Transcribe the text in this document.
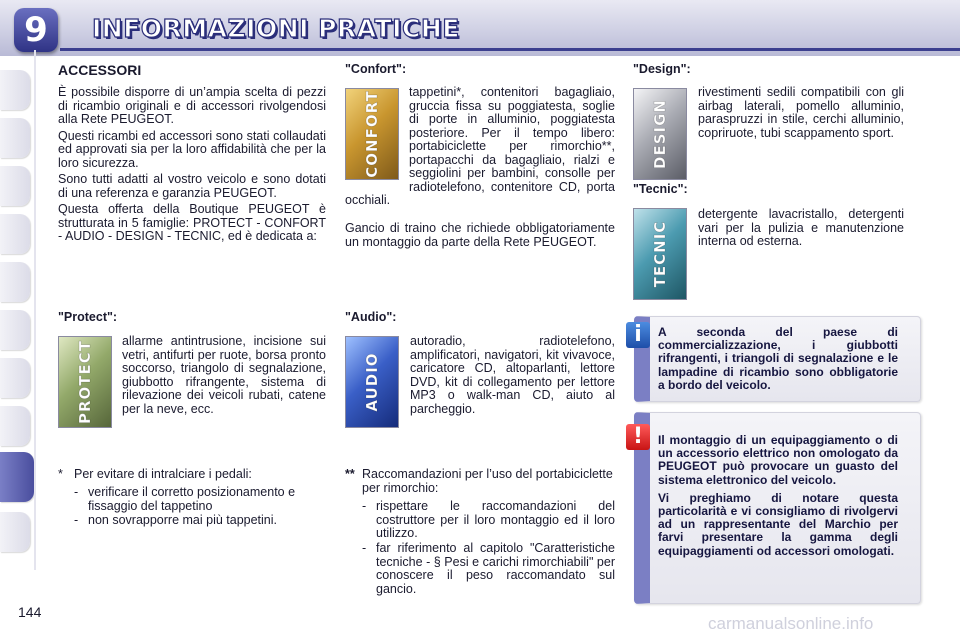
9	INFORMAZIONI PRATICHE
ACCESSORI

È possibile disporre di un’ampia scelta di pezzi di ricambio originali e di accessori rivolgendosi alla Rete PEUGEOT.

Questi ricambi ed accessori sono stati collaudati ed approvati sia per la loro affidabilità che per la loro sicurezza.

Sono tutti adatti al vostro veicolo e sono dotati di una referenza e garanzia PEUGEOT.

Questa offerta della Boutique PEUGEOT è strutturata in 5 famiglie: PROTECT - CONFORT - AUDIO - DESIGN - TECNIC, ed è dedicata a:

"Protect":
PROTECT allarme antintrusione, incisione sui vetri, antifurti per ruote, borsa pronto soccorso, triangolo di segnalazione, giubbotto rifrangente, sistema di rilevazione dei veicoli rubati, catene per la neve, ecc.
* Per evitare di intralciare i pedali:
- verificare il corretto posizionamento e fissaggio del tappetino
- non sovrapporre mai più tappetini.
"Confort":
CONFORT	tappetini*, contenitori bagagliaio, gruccia fissa su poggiatesta, soglie di porte in alluminio, poggiatesta posteriore. Per il tempo libero: portabiciclette per rimorchio**, portapacchi da bagagliaio, rialzi e seggiolini per bambini, consolle per radiotelefono, contenitore CD, porta occhiali.
Gancio di traino che richiede obbligatoriamente un montaggio da parte della Rete PEUGEOT.
"Audio":
AUDIO
autoradio, radiotelefono, amplificatori, navigatori, kit vivavoce, caricatore CD, altoparlanti, lettore DVD, kit di collegamento per lettore MP3 o walk-man CD, aiuto al parcheggio.
** Raccomandazioni per l’uso del portabiciclette per rimorchio:
- rispettare le raccomandazioni del costruttore per il loro montaggio ed il loro utilizzo.
- far riferimento al capitolo "Caratteristiche tecniche - § Pesi e carichi rimorchiabili" per conoscere il peso raccomandato sul gancio.
"Design":
DESIGN
rivestimenti sedili compatibili con gli airbag laterali, pomello alluminio, paraspruzzi in stile, cerchi alluminio, copriruote, tubi scappamento sport.
"Tecnic":
TECNIC
detergente lavacristallo, detergenti vari per la pulizia e manutenzione interna od esterna.
i	A seconda del paese di commercializzazione, i giubbotti rifrangenti, i triangoli di segnalazione e le lampadine di ricambio sono obbligatorie a bordo del veicolo.
!	Il montaggio di un equipaggiamento o di un accessorio elettrico non omologato da PEUGEOT può provocare un guasto del sistema elettronico del veicolo.

Vi preghiamo di notare questa particolarità e vi consigliamo di rivolgervi ad un rappresentante del Marchio per farvi presentare la gamma degli equipaggiamenti od accessori omologati.

144
carmanualsonline.info
